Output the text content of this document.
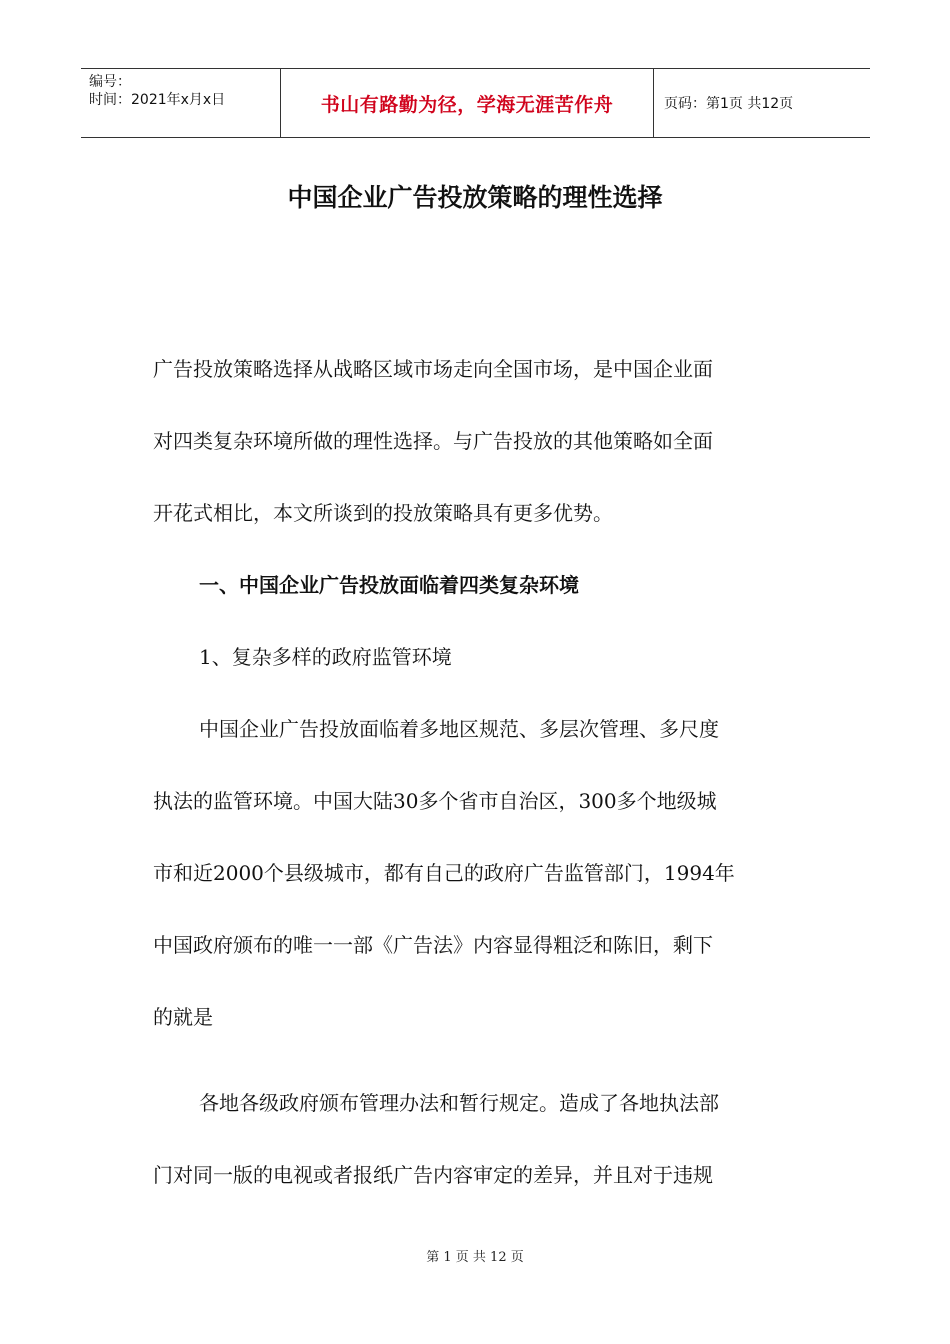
编号：
时间：2021年x月x日	书山有路勤为径，学海无涯苦作舟	页码：第1页 共12页
中国企业广告投放策略的理性选择
广告投放策略选择从战略区域市场走向全国市场，是中国企业面
对四类复杂环境所做的理性选择。与广告投放的其他策略如全面
开花式相比，本文所谈到的投放策略具有更多优势。
一、中国企业广告投放面临着四类复杂环境
1、复杂多样的政府监管环境
中国企业广告投放面临着多地区规范、多层次管理、多尺度
执法的监管环境。中国大陆30多个省市自治区，300多个地级城
市和近2000个县级城市，都有自己的政府广告监管部门，1994年
中国政府颁布的唯一一部《广告法》内容显得粗泛和陈旧，剩下
的就是
各地各级政府颁布管理办法和暂行规定。造成了各地执法部
门对同一版的电视或者报纸广告内容审定的差异，并且对于违规
第 1 页 共 12 页
